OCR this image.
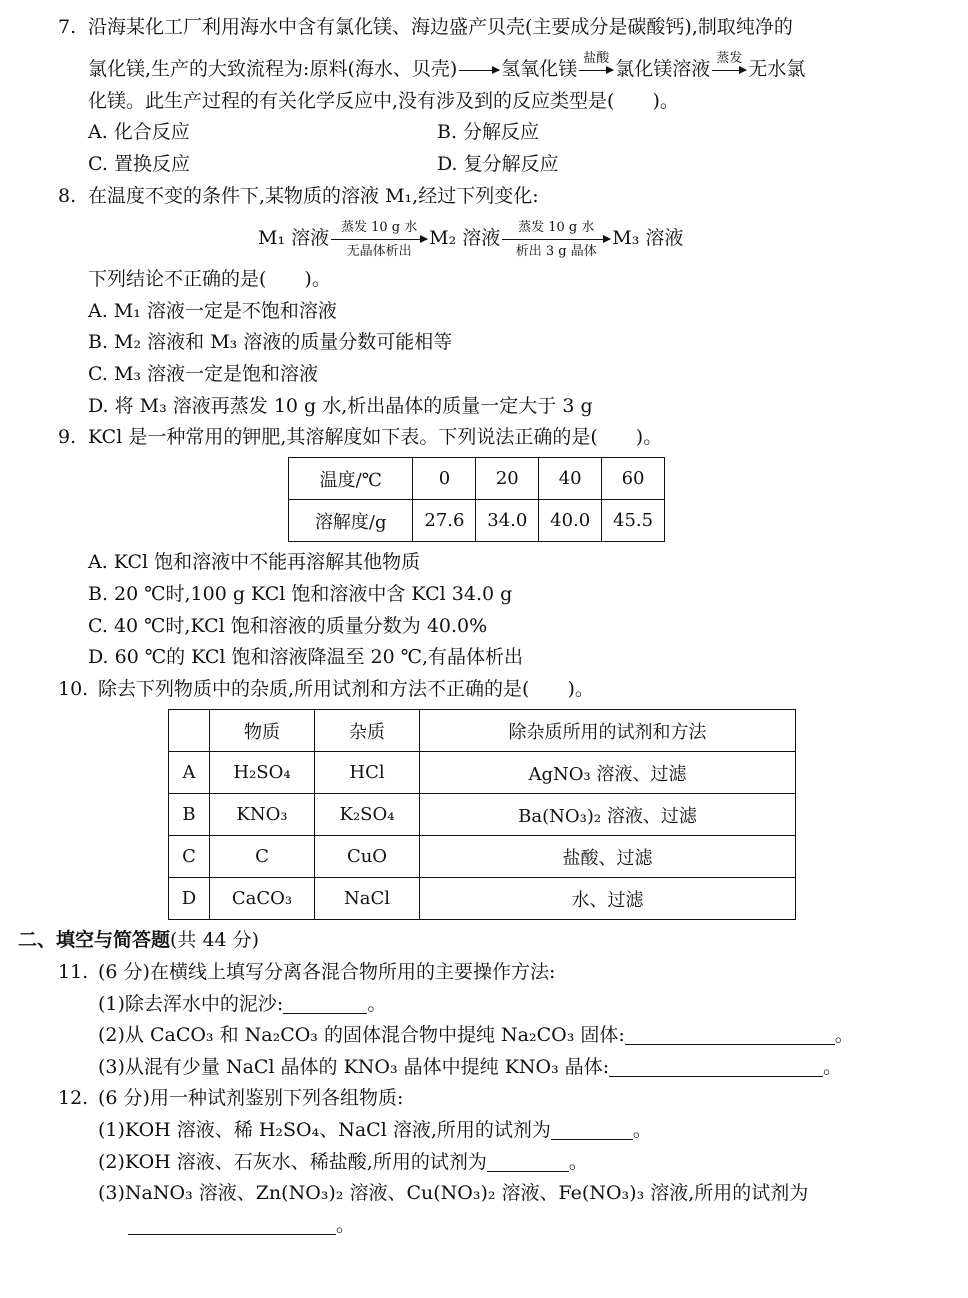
7. 沿海某化工厂利用海水中含有氯化镁、海边盛产贝壳(主要成分是碳酸钙),制取纯净的
氯化镁,生产的大致流程为:原料(海水、贝壳) 氢氧化镁 盐酸 氯化镁溶液 蒸发 无水氯
化镁。此生产过程的有关化学反应中,没有涉及到的反应类型是(　　)。
A. 化合反应	B. 分解反应
C. 置换反应	D. 复分解反应
8. 在温度不变的条件下,某物质的溶液 M₁,经过下列变化:
M₁ 溶液 蒸发 10 g 水
无晶体析出
M₂ 溶液	蒸发 10 g 水
析出 3 g 晶体
M₃ 溶液
下列结论不正确的是(　　)。
A. M₁ 溶液一定是不饱和溶液
B. M₂ 溶液和 M₃ 溶液的质量分数可能相等
C. M₃ 溶液一定是饱和溶液
D. 将 M₃ 溶液再蒸发 10 g 水,析出晶体的质量一定大于 3 g
9. KCl 是一种常用的钾肥,其溶解度如下表。下列说法正确的是(　　)。
温度/℃	0	20	40	60
溶解度/g	27.6	34.0	40.0	45.5
A. KCl 饱和溶液中不能再溶解其他物质
B. 20 ℃时,100 g KCl 饱和溶液中含 KCl 34.0 g
C. 40 ℃时,KCl 饱和溶液的质量分数为 40.0%
D. 60 ℃的 KCl 饱和溶液降温至 20 ℃,有晶体析出
10. 除去下列物质中的杂质,所用试剂和方法不正确的是(　　)。
	物质	杂质	除杂质所用的试剂和方法
A	H₂SO₄	HCl	AgNO₃ 溶液、过滤
B	KNO₃	K₂SO₄	Ba(NO₃)₂ 溶液、过滤
C	C	CuO	盐酸、过滤
D	CaCO₃	NaCl	水、过滤
二、填空与简答题(共 44 分)
11. (6 分)在横线上填写分离各混合物所用的主要操作方法:
(1)除去浑水中的泥沙:	。
(2)从 CaCO₃ 和 Na₂CO₃ 的固体混合物中提纯 Na₂CO₃ 固体:	。
(3)从混有少量 NaCl 晶体的 KNO₃ 晶体中提纯 KNO₃ 晶体:	。
12. (6 分)用一种试剂鉴别下列各组物质:
(1)KOH 溶液、稀 H₂SO₄、NaCl 溶液,所用的试剂为	。
(2)KOH 溶液、石灰水、稀盐酸,所用的试剂为	。
(3)NaNO₃ 溶液、Zn(NO₃)₂ 溶液、Cu(NO₃)₂ 溶液、Fe(NO₃)₃ 溶液,所用的试剂为
。
